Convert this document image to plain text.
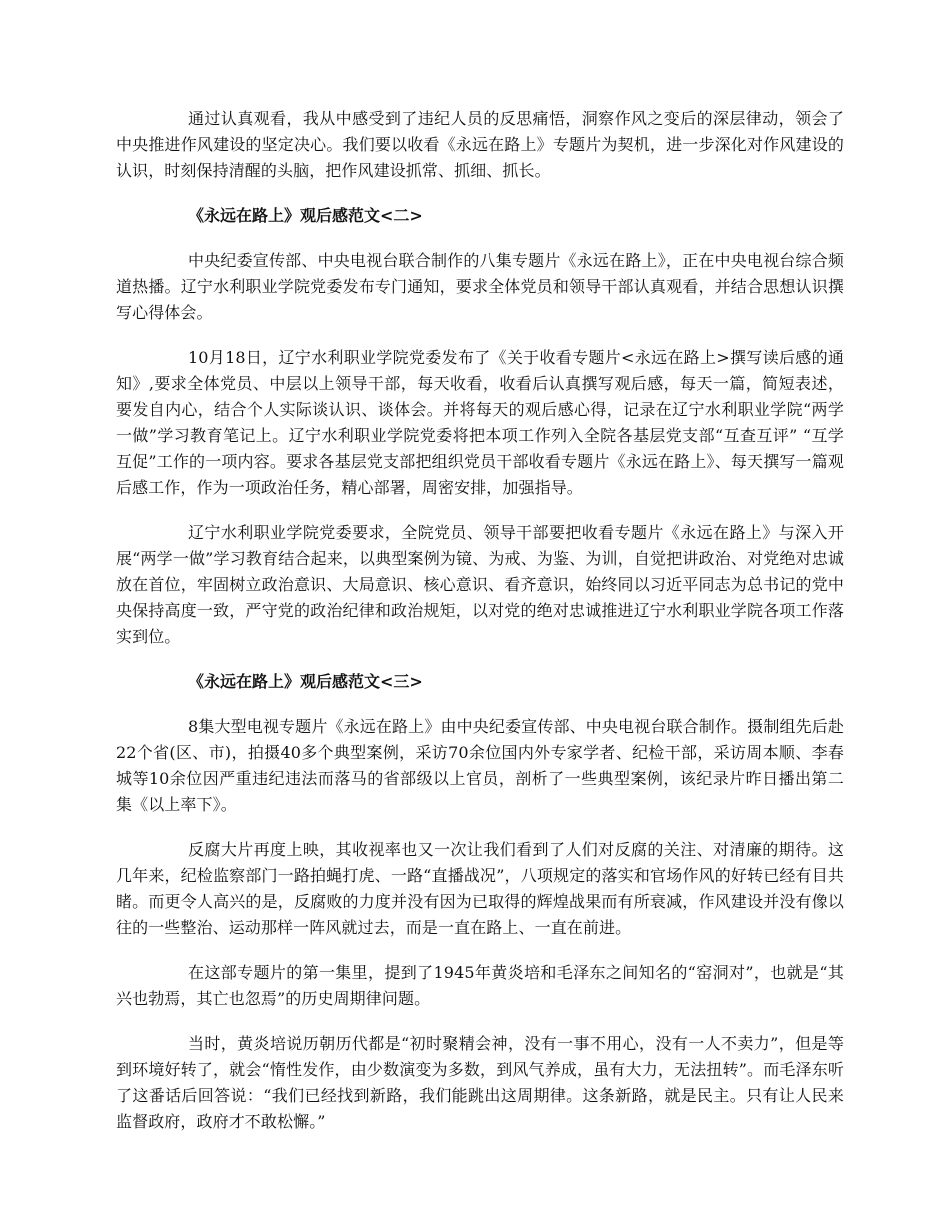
通过认真观看，我从中感受到了违纪人员的反思痛悟，洞察作风之变后的深层律动，领会了中央推进作风建设的坚定决心。我们要以收看《永远在路上》专题片为契机，进一步深化对作风建设的认识，时刻保持清醒的头脑，把作风建设抓常、抓细、抓长。

《永远在路上》观后感范文<二>

中央纪委宣传部、中央电视台联合制作的八集专题片《永远在路上》，正在中央电视台综合频道热播。辽宁水利职业学院党委发布专门通知，要求全体党员和领导干部认真观看，并结合思想认识撰写心得体会。

10月18日，辽宁水利职业学院党委发布了《关于收看专题片<永远在路上>撰写读后感的通知》,要求全体党员、中层以上领导干部，每天收看，收看后认真撰写观后感，每天一篇，简短表述，要发自内心，结合个人实际谈认识、谈体会。并将每天的观后感心得，记录在辽宁水利职业学院“两学一做”学习教育笔记上。辽宁水利职业学院党委将把本项工作列入全院各基层党支部“互查互评” “互学互促”工作的一项内容。要求各基层党支部把组织党员干部收看专题片《永远在路上》、每天撰写一篇观后感工作，作为一项政治任务，精心部署，周密安排，加强指导。

辽宁水利职业学院党委要求，全院党员、领导干部要把收看专题片《永远在路上》与深入开展“两学一做”学习教育结合起来，以典型案例为镜、为戒、为鉴、为训，自觉把讲政治、对党绝对忠诚放在首位，牢固树立政治意识、大局意识、核心意识、看齐意识，始终同以习近平同志为总书记的党中央保持高度一致，严守党的政治纪律和政治规矩，以对党的绝对忠诚推进辽宁水利职业学院各项工作落实到位。

《永远在路上》观后感范文<三>

8集大型电视专题片《永远在路上》由中央纪委宣传部、中央电视台联合制作。摄制组先后赴22个省(区、市)，拍摄40多个典型案例，采访70余位国内外专家学者、纪检干部，采访周本顺、李春城等10余位因严重违纪违法而落马的省部级以上官员，剖析了一些典型案例，该纪录片昨日播出第二集《以上率下》。

反腐大片再度上映，其收视率也又一次让我们看到了人们对反腐的关注、对清廉的期待。这几年来，纪检监察部门一路拍蝇打虎、一路“直播战况”，八项规定的落实和官场作风的好转已经有目共睹。而更令人高兴的是，反腐败的力度并没有因为已取得的辉煌战果而有所衰减，作风建设并没有像以往的一些整治、运动那样一阵风就过去，而是一直在路上、一直在前进。

在这部专题片的第一集里，提到了1945年黄炎培和毛泽东之间知名的“窑洞对”，也就是“其兴也勃焉，其亡也忽焉”的历史周期律问题。

当时，黄炎培说历朝历代都是“初时聚精会神，没有一事不用心，没有一人不卖力”，但是等到环境好转了，就会“惰性发作，由少数演变为多数，到风气养成，虽有大力，无法扭转”。而毛泽东听了这番话后回答说：“我们已经找到新路，我们能跳出这周期律。这条新路，就是民主。只有让人民来监督政府，政府才不敢松懈。”
